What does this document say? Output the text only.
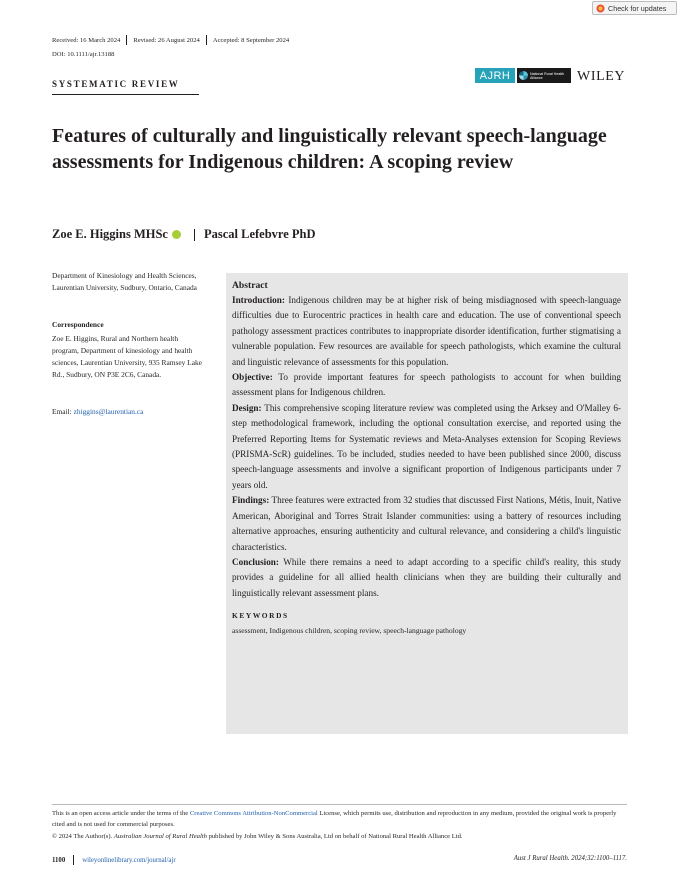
Check for updates
Received: 16 March 2024 Revised: 26 August 2024 Accepted: 8 September 2024
DOI: 10.1111/ajr.13188
SYSTEMATIC REVIEW
AJRH	National Rural Health Alliance	WILEY
Features of culturally and linguistically relevant speech-language assessments for Indigenous children: A scoping review
Zoe E. Higgins MHSc	Pascal Lefebvre PhD
Department of Kinesiology and Health Sciences, Laurentian University, Sudbury, Ontario, Canada
Correspondence
Zoe E. Higgins, Rural and Northern health program, Department of kinesiology and health sciences, Laurentian University, 935 Ramsey Lake Rd., Sudbury, ON P3E 2C6, Canada.
Email: zhiggins@laurentian.ca

Abstract

Introduction: Indigenous children may be at higher risk of being misdiagnosed with speech-language difficulties due to Eurocentric practices in health care and education. The use of conventional speech pathology assessment practices contributes to inappropriate disorder identification, further stigmatising a vulnerable population. Few resources are available for speech pathologists, which examine the cultural and linguistic relevance of assessments for this population.

Objective: To provide important features for speech pathologists to account for when building assessment plans for Indigenous children.

Design: This comprehensive scoping literature review was completed using the Arksey and O'Malley 6-step methodological framework, including the optional consultation exercise, and reported using the Preferred Reporting Items for Systematic reviews and Meta-Analyses extension for Scoping Reviews (PRISMA-ScR) guidelines. To be included, studies needed to have been published since 2000, discuss speech-language assessments and involve a significant proportion of Indigenous participants under 7 years old.

Findings: Three features were extracted from 32 studies that discussed First Nations, Métis, Inuit, Native American, Aboriginal and Torres Strait Islander communities: using a battery of resources including alternative approaches, ensuring authenticity and cultural relevance, and considering a child's linguistic characteristics.

Conclusion: While there remains a need to adapt according to a specific child's reality, this study provides a guideline for all allied health clinicians when they are building their culturally and linguistically relevant assessment plans.

KEYWORDS

assessment, Indigenous children, scoping review, speech-language pathology

This is an open access article under the terms of the Creative Commons Attribution-NonCommercial License, which permits use, distribution and reproduction in any medium, provided the original work is properly cited and is not used for commercial purposes.
© 2024 The Author(s). Australian Journal of Rural Health published by John Wiley & Sons Australia, Ltd on behalf of National Rural Health Alliance Ltd.
1100	wileyonlinelibrary.com/journal/ajr	Aust J Rural Health. 2024;32:1100–1117.
